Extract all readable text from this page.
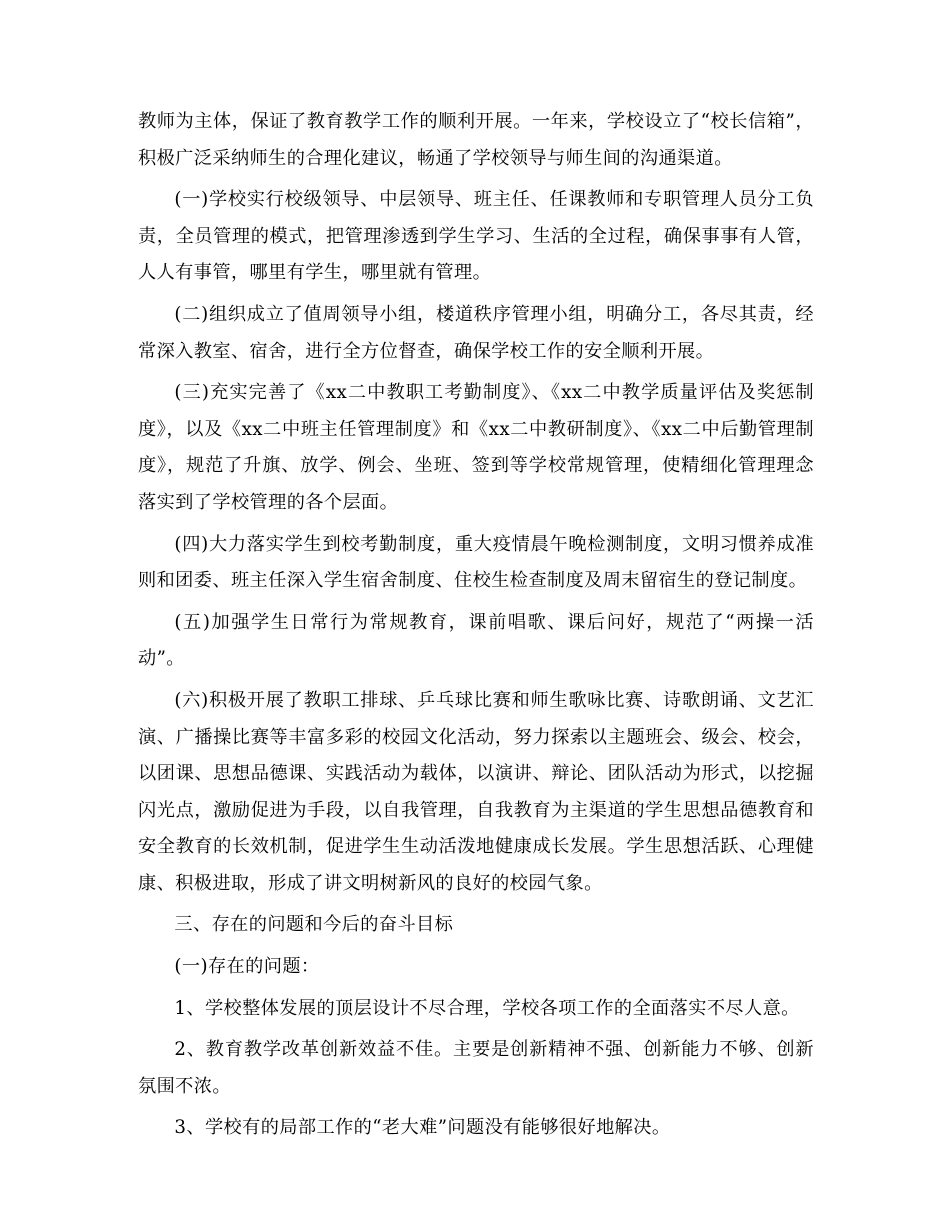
教师为主体，保证了教育教学工作的顺利开展。一年来，学校设立了“校长信箱”，积极广泛采纳师生的合理化建议，畅通了学校领导与师生间的沟通渠道。

(一)学校实行校级领导、中层领导、班主任、任课教师和专职管理人员分工负责，全员管理的模式，把管理渗透到学生学习、生活的全过程，确保事事有人管，人人有事管，哪里有学生，哪里就有管理。

(二)组织成立了值周领导小组，楼道秩序管理小组，明确分工，各尽其责，经常深入教室、宿舍，进行全方位督查，确保学校工作的安全顺利开展。

(三)充实完善了《xx二中教职工考勤制度》、《xx二中教学质量评估及奖惩制度》，以及《xx二中班主任管理制度》和《xx二中教研制度》、《xx二中后勤管理制度》，规范了升旗、放学、例会、坐班、签到等学校常规管理，使精细化管理理念落实到了学校管理的各个层面。

(四)大力落实学生到校考勤制度，重大疫情晨午晚检测制度，文明习惯养成准则和团委、班主任深入学生宿舍制度、住校生检查制度及周末留宿生的登记制度。

(五)加强学生日常行为常规教育，课前唱歌、课后问好，规范了“两操一活动”。

(六)积极开展了教职工排球、乒乓球比赛和师生歌咏比赛、诗歌朗诵、文艺汇演、广播操比赛等丰富多彩的校园文化活动，努力探索以主题班会、级会、校会，以团课、思想品德课、实践活动为载体，以演讲、辩论、团队活动为形式，以挖掘闪光点，激励促进为手段，以自我管理，自我教育为主渠道的学生思想品德教育和安全教育的长效机制，促进学生生动活泼地健康成长发展。学生思想活跃、心理健康、积极进取，形成了讲文明树新风的良好的校园气象。

三、存在的问题和今后的奋斗目标

(一)存在的问题：

1、学校整体发展的顶层设计不尽合理，学校各项工作的全面落实不尽人意。

2、教育教学改革创新效益不佳。主要是创新精神不强、创新能力不够、创新氛围不浓。

3、学校有的局部工作的“老大难”问题没有能够很好地解决。
